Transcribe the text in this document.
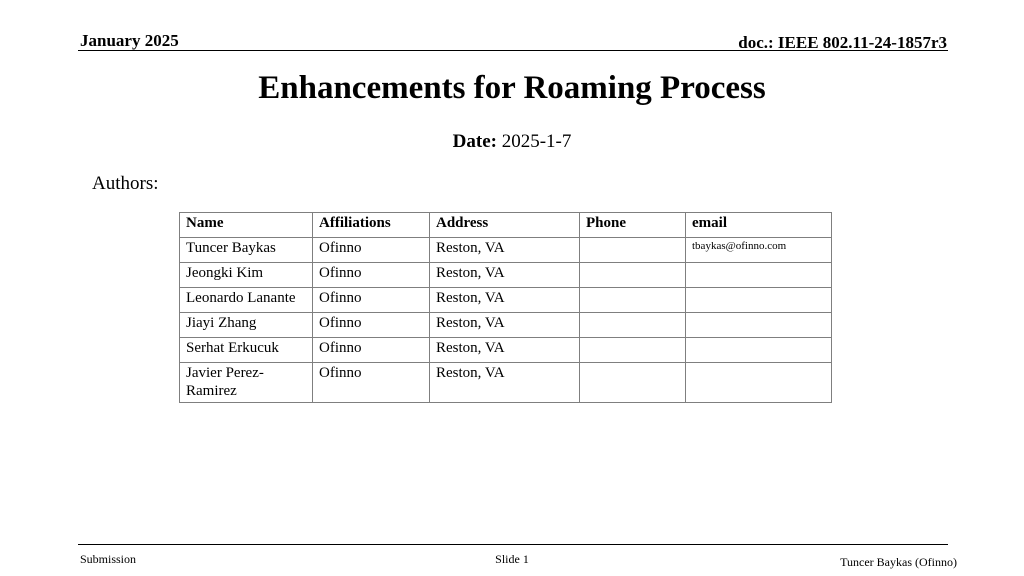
January 2025	doc.: IEEE 802.11-24-1857r3
Enhancements for Roaming Process
Date: 2025-1-7
Authors:
Name	Affiliations	Address	Phone	email
Tuncer Baykas	Ofinno	Reston, VA		tbaykas@ofinno.com
Jeongki Kim	Ofinno	Reston, VA		
Leonardo Lanante	Ofinno	Reston, VA		
Jiayi Zhang	Ofinno	Reston, VA		
Serhat Erkucuk	Ofinno	Reston, VA		
Javier Perez-Ramirez	Ofinno	Reston, VA		
Submission	Slide 1	Tuncer Baykas (Ofinno)
